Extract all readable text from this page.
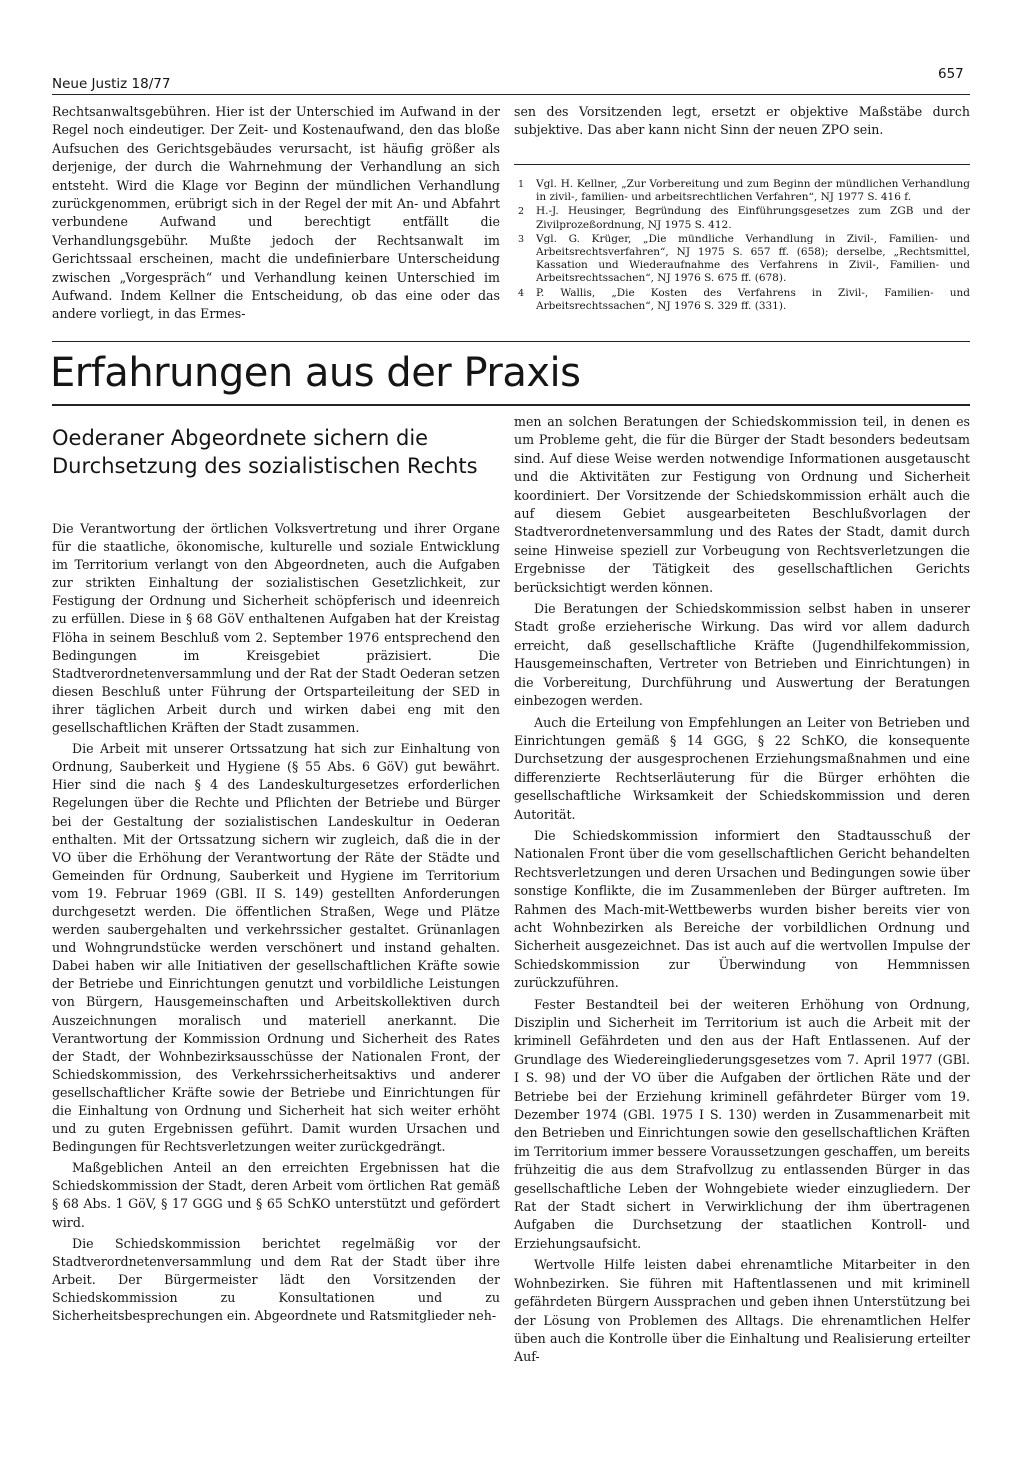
Neue Justiz 18/77
657

Rechtsanwaltsgebühren. Hier ist der Unterschied im Aufwand in der Regel noch eindeutiger. Der Zeit- und Kostenaufwand, den das bloße Aufsuchen des Gerichtsgebäudes verursacht, ist häufig größer als derjenige, der durch die Wahrnehmung der Verhandlung an sich entsteht. Wird die Klage vor Beginn der mündlichen Verhandlung zurückgenommen, erübrigt sich in der Regel der mit An- und Abfahrt verbundene Aufwand und berechtigt entfällt die Verhandlungsgebühr. Mußte jedoch der Rechtsanwalt im Gerichtssaal erscheinen, macht die undefinierbare Unterscheidung zwischen „Vorgespräch“ und Verhandlung keinen Unterschied im Aufwand. Indem Kellner die Entscheidung, ob das eine oder das andere vorliegt, in das Ermes-

sen des Vorsitzenden legt, ersetzt er objektive Maßstäbe durch subjektive. Das aber kann nicht Sinn der neuen ZPO sein.

1 Vgl. H. Kellner, „Zur Vorbereitung und zum Beginn der mündlichen Verhandlung in zivil-, familien- und arbeitsrechtlichen Verfahren“, NJ 1977 S. 416 f.
2 H.-J. Heusinger, Begründung des Einführungsgesetzes zum ZGB und der Zivilprozeßordnung, NJ 1975 S. 412.
3 Vgl. G. Krüger, „Die mündliche Verhandlung in Zivil-, Familien- und Arbeitsrechtsverfahren“, NJ 1975 S. 657 ff. (658); derselbe, „Rechtsmittel, Kassation und Wiederaufnahme des Verfahrens in Zivil-, Familien- und Arbeitsrechtssachen“, NJ 1976 S. 675 ff. (678).
4 P. Wallis, „Die Kosten des Verfahrens in Zivil-, Familien- und Arbeitsrechtssachen“, NJ 1976 S. 329 ff. (331).
Erfahrungen aus der Praxis
Oederaner Abgeordnete sichern die
Durchsetzung des sozialistischen Rechts

Die Verantwortung der örtlichen Volksvertretung und ihrer Organe für die staatliche, ökonomische, kulturelle und soziale Entwicklung im Territorium verlangt von den Abgeordneten, auch die Aufgaben zur strikten Einhaltung der sozialistischen Gesetzlichkeit, zur Festigung der Ordnung und Sicherheit schöpferisch und ideenreich zu erfüllen. Diese in § 68 GöV enthaltenen Aufgaben hat der Kreistag Flöha in seinem Beschluß vom 2. September 1976 entsprechend den Bedingungen im Kreisgebiet präzisiert. Die Stadtverordnetenversammlung und der Rat der Stadt Oederan setzen diesen Beschluß unter Führung der Ortsparteileitung der SED in ihrer täglichen Arbeit durch und wirken dabei eng mit den gesellschaftlichen Kräften der Stadt zusammen.

Die Arbeit mit unserer Ortssatzung hat sich zur Einhaltung von Ordnung, Sauberkeit und Hygiene (§ 55 Abs. 6 GöV) gut bewährt. Hier sind die nach § 4 des Landeskulturgesetzes erforderlichen Regelungen über die Rechte und Pflichten der Betriebe und Bürger bei der Gestaltung der sozialistischen Landeskultur in Oederan enthalten. Mit der Ortssatzung sichern wir zugleich, daß die in der VO über die Erhöhung der Verantwortung der Räte der Städte und Gemeinden für Ordnung, Sauberkeit und Hygiene im Territorium vom 19. Februar 1969 (GBl. II S. 149) gestellten Anforderungen durchgesetzt werden. Die öffentlichen Straßen, Wege und Plätze werden saubergehalten und verkehrssicher gestaltet. Grünanlagen und Wohngrundstücke werden verschönert und instand gehalten. Dabei haben wir alle Initiativen der gesellschaftlichen Kräfte sowie der Betriebe und Einrichtungen genutzt und vorbildliche Leistungen von Bürgern, Hausgemeinschaften und Arbeitskollektiven durch Auszeichnungen moralisch und materiell anerkannt. Die Verantwortung der Kommission Ordnung und Sicherheit des Rates der Stadt, der Wohnbezirksausschüsse der Nationalen Front, der Schiedskommission, des Verkehrssicherheitsaktivs und anderer gesellschaftlicher Kräfte sowie der Betriebe und Einrichtungen für die Einhaltung von Ordnung und Sicherheit hat sich weiter erhöht und zu guten Ergebnissen geführt. Damit wurden Ursachen und Bedingungen für Rechtsverletzungen weiter zurückgedrängt.

Maßgeblichen Anteil an den erreichten Ergebnissen hat die Schiedskommission der Stadt, deren Arbeit vom örtlichen Rat gemäß § 68 Abs. 1 GöV, § 17 GGG und § 65 SchKO unterstützt und gefördert wird.

Die Schiedskommission berichtet regelmäßig vor der Stadtverordnetenversammlung und dem Rat der Stadt über ihre Arbeit. Der Bürgermeister lädt den Vorsitzenden der Schiedskommission zu Konsultationen und zu Sicherheitsbesprechungen ein. Abgeordnete und Ratsmitglieder neh-

men an solchen Beratungen der Schiedskommission teil, in denen es um Probleme geht, die für die Bürger der Stadt besonders bedeutsam sind. Auf diese Weise werden notwendige Informationen ausgetauscht und die Aktivitäten zur Festigung von Ordnung und Sicherheit koordiniert. Der Vorsitzende der Schiedskommission erhält auch die auf diesem Gebiet ausgearbeiteten Beschlußvorlagen der Stadtverordnetenversammlung und des Rates der Stadt, damit durch seine Hinweise speziell zur Vorbeugung von Rechtsverletzungen die Ergebnisse der Tätigkeit des gesellschaftlichen Gerichts berücksichtigt werden können.

Die Beratungen der Schiedskommission selbst haben in unserer Stadt große erzieherische Wirkung. Das wird vor allem dadurch erreicht, daß gesellschaftliche Kräfte (Jugendhilfekommission, Hausgemeinschaften, Vertreter von Betrieben und Einrichtungen) in die Vorbereitung, Durchführung und Auswertung der Beratungen einbezogen werden.

Auch die Erteilung von Empfehlungen an Leiter von Betrieben und Einrichtungen gemäß § 14 GGG, § 22 SchKO, die konsequente Durchsetzung der ausgesprochenen Erziehungsmaßnahmen und eine differenzierte Rechtserläuterung für die Bürger erhöhten die gesellschaftliche Wirksamkeit der Schiedskommission und deren Autorität.

Die Schiedskommission informiert den Stadtausschuß der Nationalen Front über die vom gesellschaftlichen Gericht behandelten Rechtsverletzungen und deren Ursachen und Bedingungen sowie über sonstige Konflikte, die im Zusammenleben der Bürger auftreten. Im Rahmen des Mach-mit-Wettbewerbs wurden bisher bereits vier von acht Wohnbezirken als Bereiche der vorbildlichen Ordnung und Sicherheit ausgezeichnet. Das ist auch auf die wertvollen Impulse der Schiedskommission zur Überwindung von Hemmnissen zurückzuführen.

Fester Bestandteil bei der weiteren Erhöhung von Ordnung, Disziplin und Sicherheit im Territorium ist auch die Arbeit mit der kriminell Gefährdeten und den aus der Haft Entlassenen. Auf der Grundlage des Wiedereingliederungsgesetzes vom 7. April 1977 (GBl. I S. 98) und der VO über die Aufgaben der örtlichen Räte und der Betriebe bei der Erziehung kriminell gefährdeter Bürger vom 19. Dezember 1974 (GBl. 1975 I S. 130) werden in Zusammenarbeit mit den Betrieben und Einrichtungen sowie den gesellschaftlichen Kräften im Territorium immer bessere Voraussetzungen geschaffen, um bereits frühzeitig die aus dem Strafvollzug zu entlassenden Bürger in das gesellschaftliche Leben der Wohngebiete wieder einzugliedern. Der Rat der Stadt sichert in Verwirklichung der ihm übertragenen Aufgaben die Durchsetzung der staatlichen Kontroll- und Erziehungsaufsicht.

Wertvolle Hilfe leisten dabei ehrenamtliche Mitarbeiter in den Wohnbezirken. Sie führen mit Haftentlassenen und mit kriminell gefährdeten Bürgern Aussprachen und geben ihnen Unterstützung bei der Lösung von Problemen des Alltags. Die ehrenamtlichen Helfer üben auch die Kontrolle über die Einhaltung und Realisierung erteilter Auf-
